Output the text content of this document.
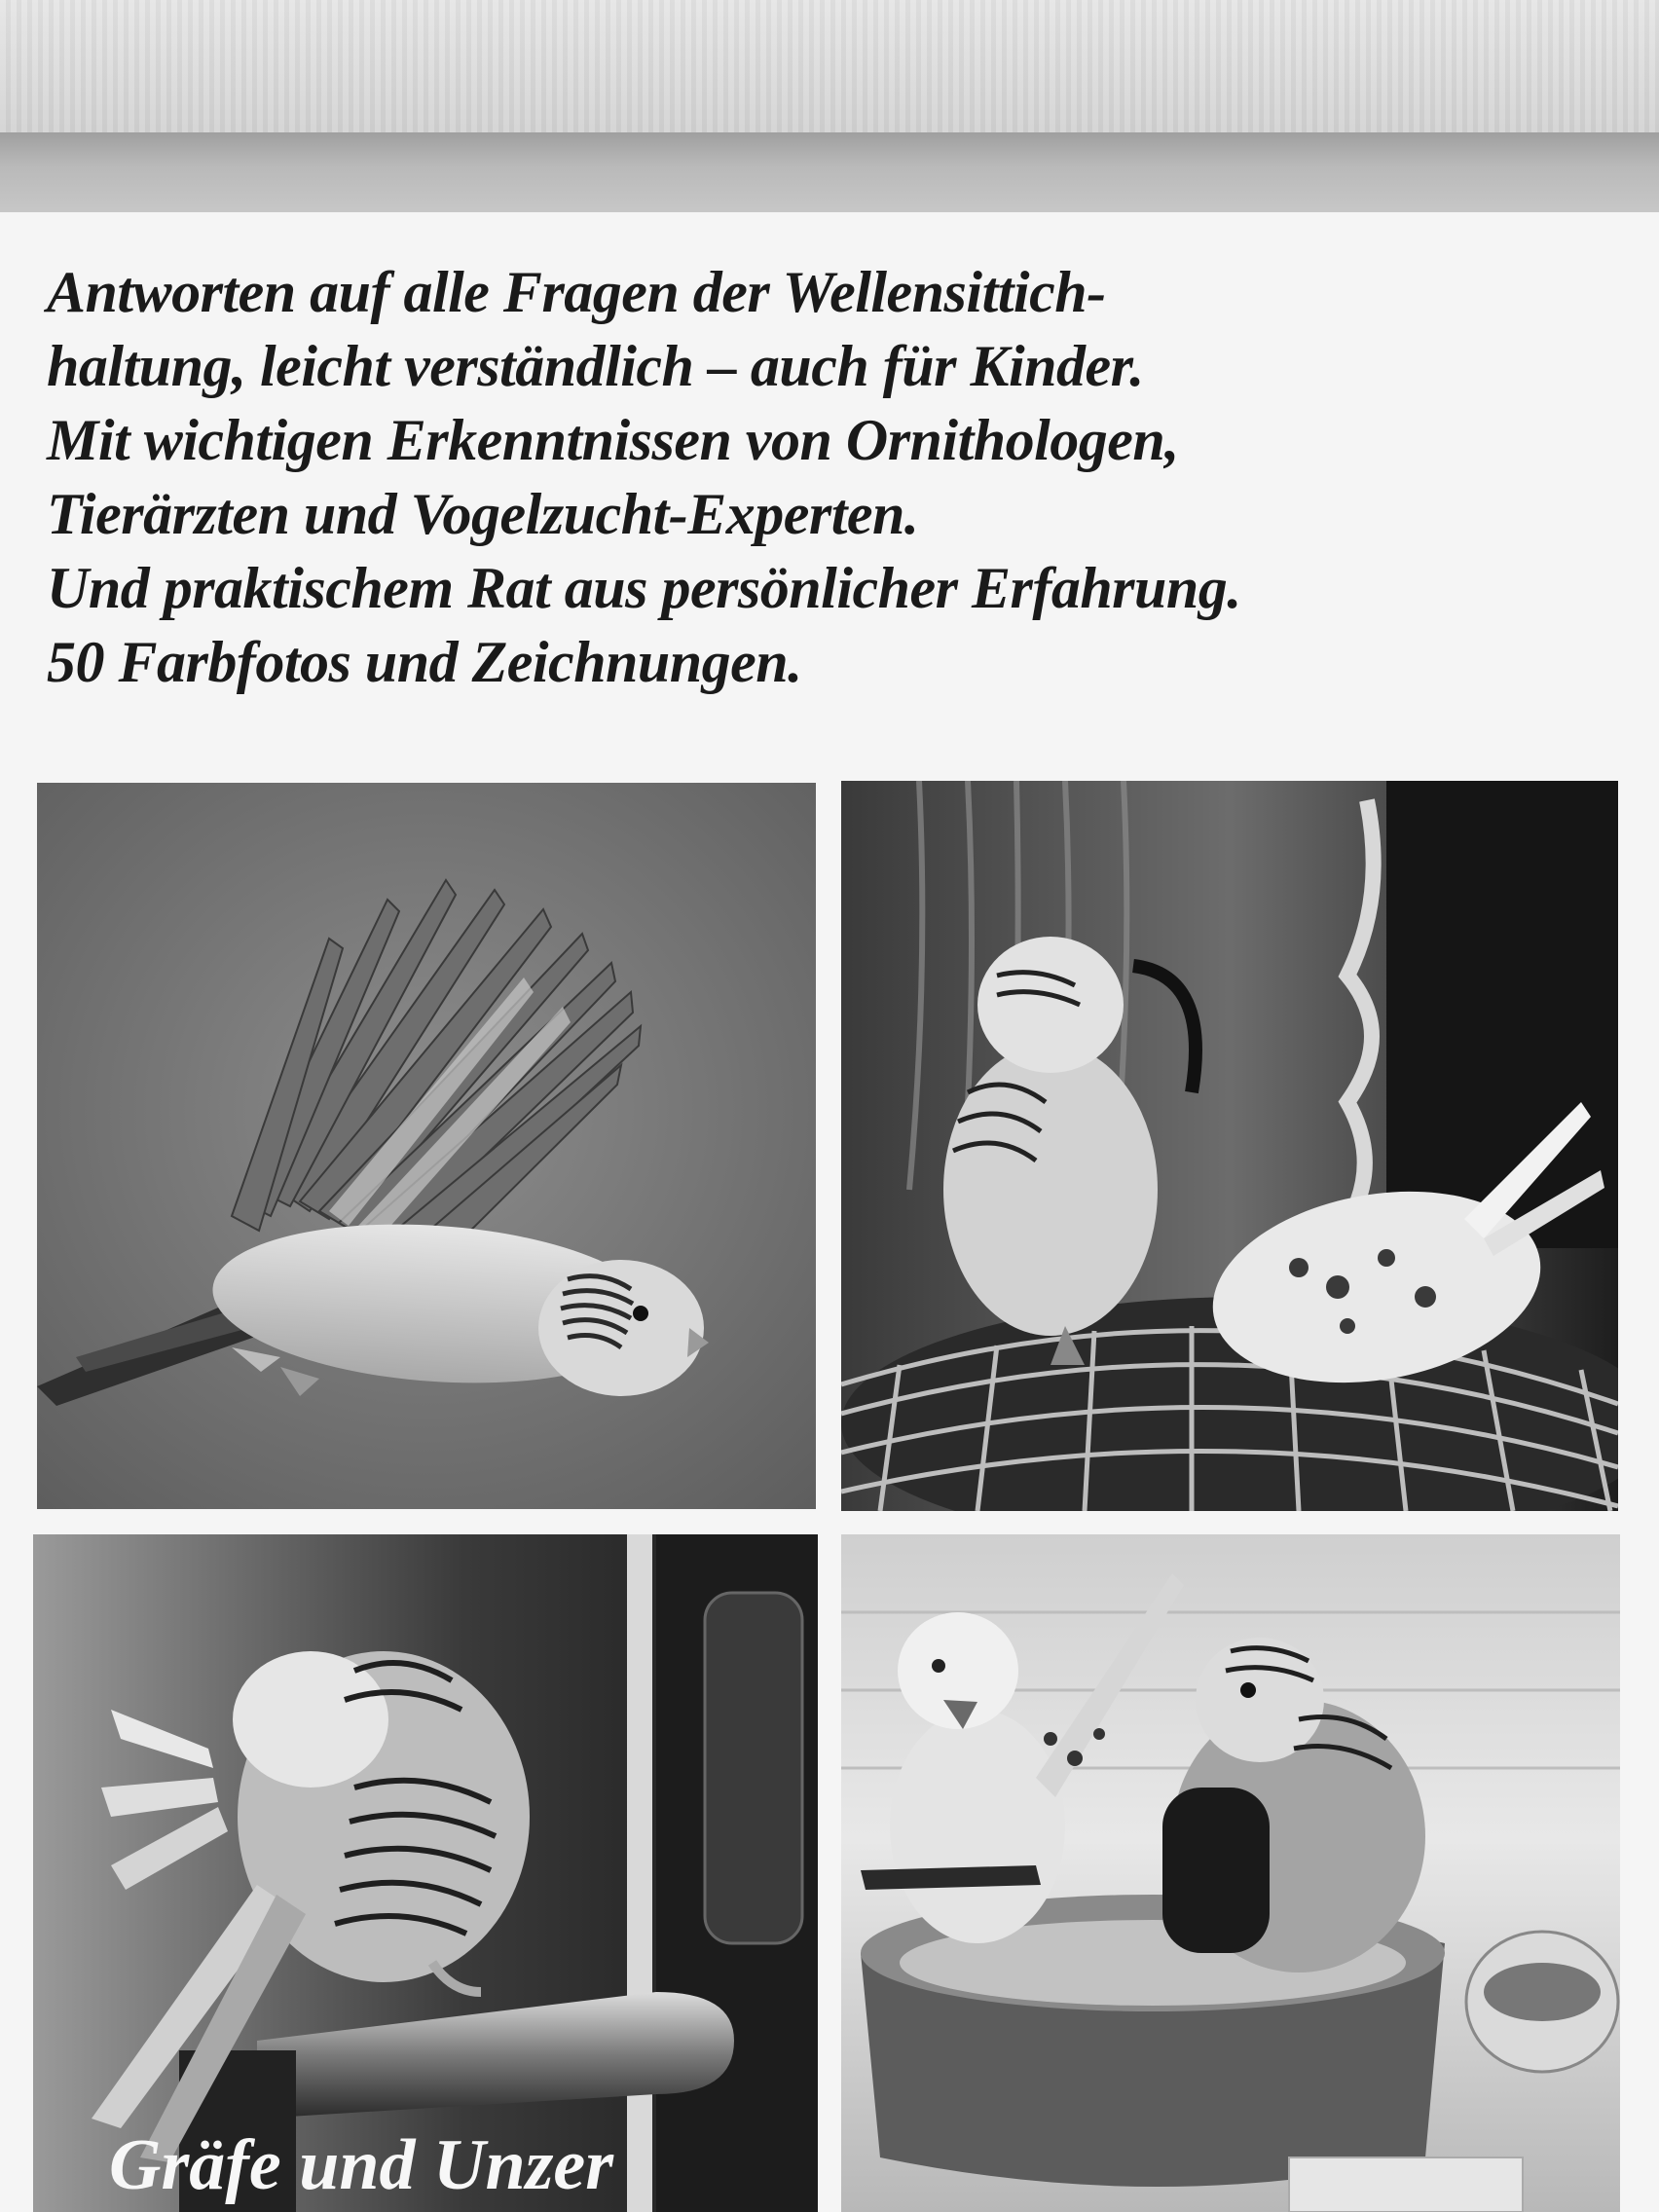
Antworten auf alle Fragen der Wellensittich-
haltung, leicht verständlich – auch für Kinder.
Mit wichtigen Erkenntnissen von Ornithologen,
Tierärzten und Vogelzucht-Experten.
Und praktischem Rat aus persönlicher Erfahrung.
50 Farbfotos und Zeichnungen.

Gräfe und Unzer
